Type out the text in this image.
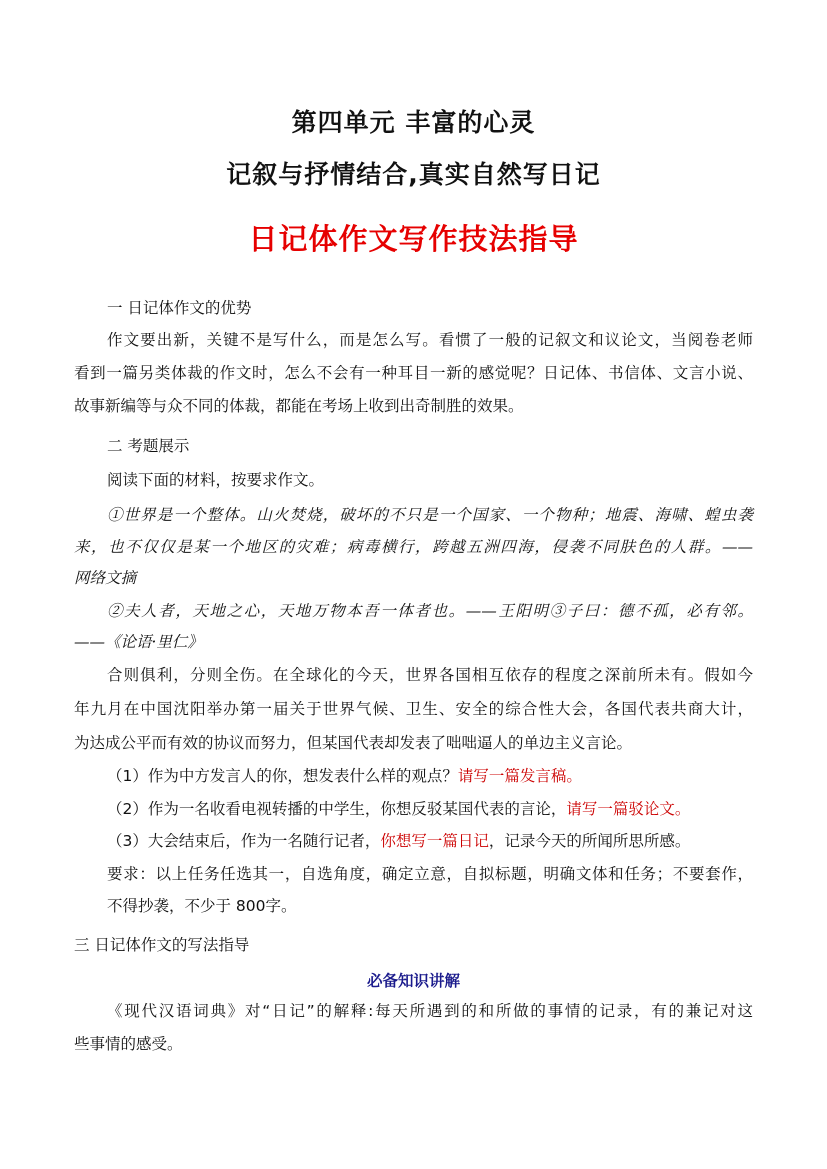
第四单元 丰富的心灵
记叙与抒情结合,真实自然写日记
日记体作文写作技法指导
一 日记体作文的优势
作文要出新，关键不是写什么，而是怎么写。看惯了一般的记叙文和议论文，当阅卷老师
看到一篇另类体裁的作文时，怎么不会有一种耳目一新的感觉呢？日记体、书信体、文言小说、
故事新编等与众不同的体裁，都能在考场上收到出奇制胜的效果。
二 考题展示
阅读下面的材料，按要求作文。
①世界是一个整体。山火焚烧，破坏的不只是一个国家、一个物种；地震、海啸、蝗虫袭
来，也不仅仅是某一个地区的灾难；病毒横行，跨越五洲四海，侵袭不同肤色的人群。——
网络文摘
②夫人者，天地之心，天地万物本吾一体者也。——王阳明③子曰：德不孤，必有邻。
——《论语·里仁》
合则俱利，分则全伤。在全球化的今天，世界各国相互依存的程度之深前所未有。假如今
年九月在中国沈阳举办第一届关于世界气候、卫生、安全的综合性大会，各国代表共商大计，
为达成公平而有效的协议而努力，但某国代表却发表了咄咄逼人的单边主义言论。
（1）作为中方发言人的你，想发表什么样的观点？请写一篇发言稿。
（2）作为一名收看电视转播的中学生，你想反驳某国代表的言论，请写一篇驳论文。
（3）大会结束后，作为一名随行记者，你想写一篇日记，记录今天的所闻所思所感。
要求：以上任务任选其一，自选角度，确定立意，自拟标题，明确文体和任务；不要套作，
不得抄袭，不少于 800字。
三 日记体作文的写法指导
必备知识讲解
《现代汉语词典》对“日记”的解释:每天所遇到的和所做的事情的记录，有的兼记对这
些事情的感受。
